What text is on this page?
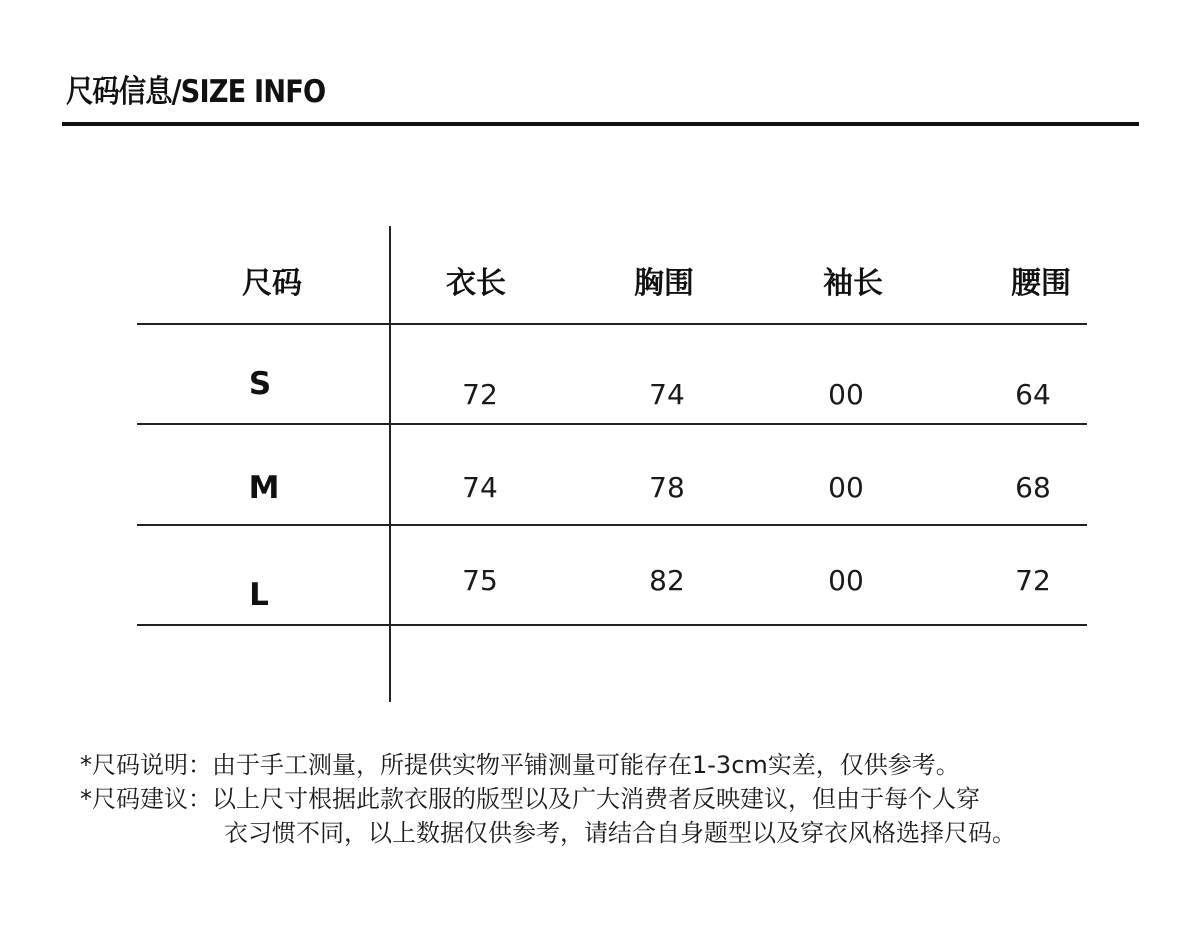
尺码信息/SIZE INFO
尺码	衣长	胸围	袖长	腰围
S	72	74	00	64
M	74	78	00	68
L	75	82	00	72
*尺码说明：由于手工测量，所提供实物平铺测量可能存在1-3cm实差，仅供参考。
*尺码建议：以上尺寸根据此款衣服的版型以及广大消费者反映建议，但由于每个人穿
衣习惯不同，以上数据仅供参考，请结合自身题型以及穿衣风格选择尺码。
